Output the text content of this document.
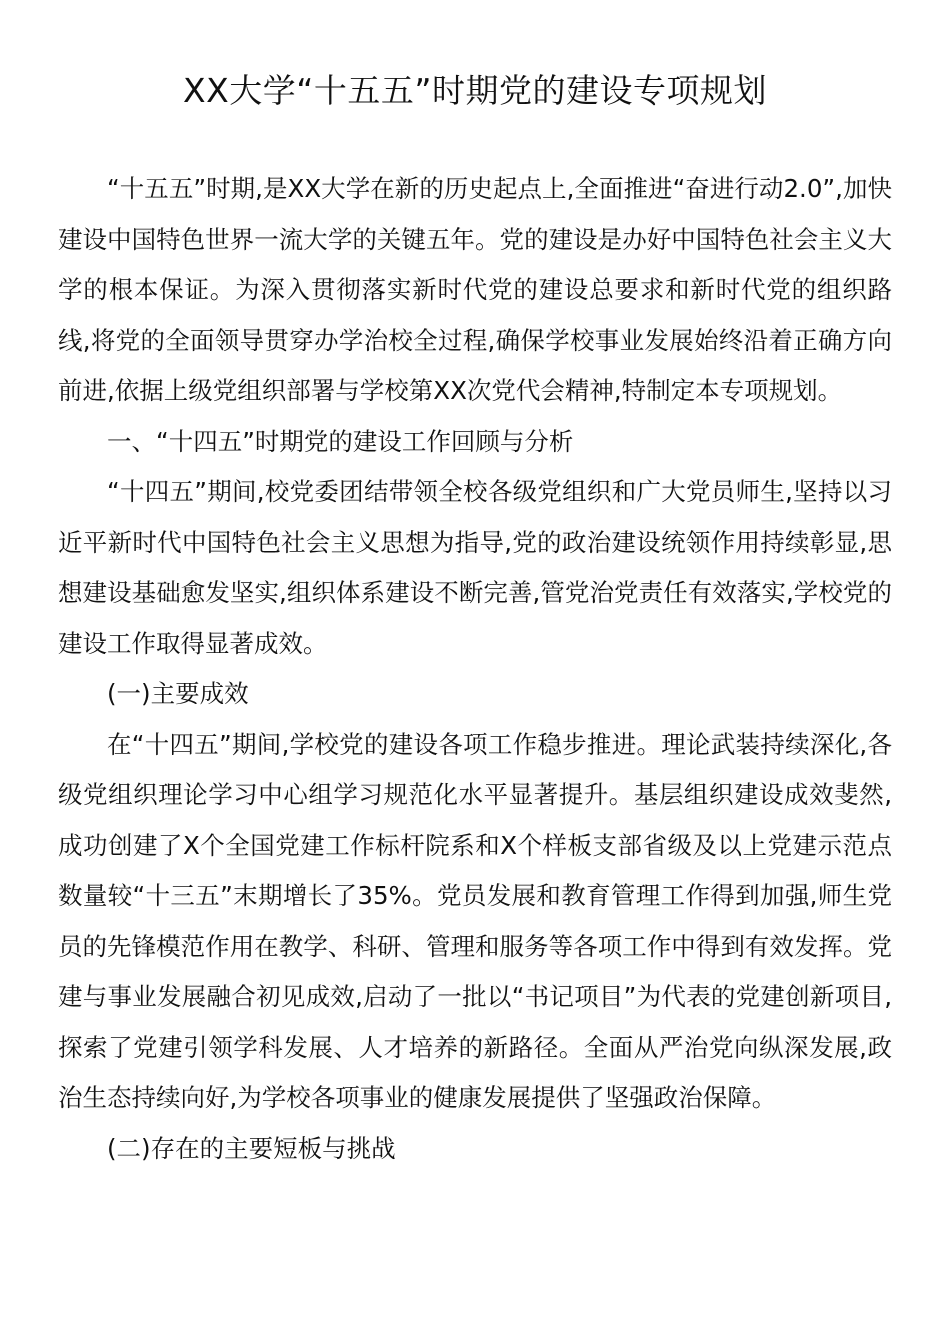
XX大学“十五五”时期党的建设专项规划

“十五五”时期,是XX大学在新的历史起点上,全面推进“奋进行动2.0”,加快建设中国特色世界一流大学的关键五年。党的建设是办好中国特色社会主义大学的根本保证。为深入贯彻落实新时代党的建设总要求和新时代党的组织路线,将党的全面领导贯穿办学治校全过程,确保学校事业发展始终沿着正确方向前进,依据上级党组织部署与学校第XX次党代会精神,特制定本专项规划。

一、“十四五”时期党的建设工作回顾与分析

“十四五”期间,校党委团结带领全校各级党组织和广大党员师生,坚持以习近平新时代中国特色社会主义思想为指导,党的政治建设统领作用持续彰显,思想建设基础愈发坚实,组织体系建设不断完善,管党治党责任有效落实,学校党的建设工作取得显著成效。

(一)主要成效

在“十四五”期间,学校党的建设各项工作稳步推进。理论武装持续深化,各级党组织理论学习中心组学习规范化水平显著提升。基层组织建设成效斐然,成功创建了X个全国党建工作标杆院系和X个样板支部省级及以上党建示范点数量较“十三五”末期增长了35%。党员发展和教育管理工作得到加强,师生党员的先锋模范作用在教学、科研、管理和服务等各项工作中得到有效发挥。党建与事业发展融合初见成效,启动了一批以“书记项目”为代表的党建创新项目,探索了党建引领学科发展、人才培养的新路径。全面从严治党向纵深发展,政治生态持续向好,为学校各项事业的健康发展提供了坚强政治保障。

(二)存在的主要短板与挑战
